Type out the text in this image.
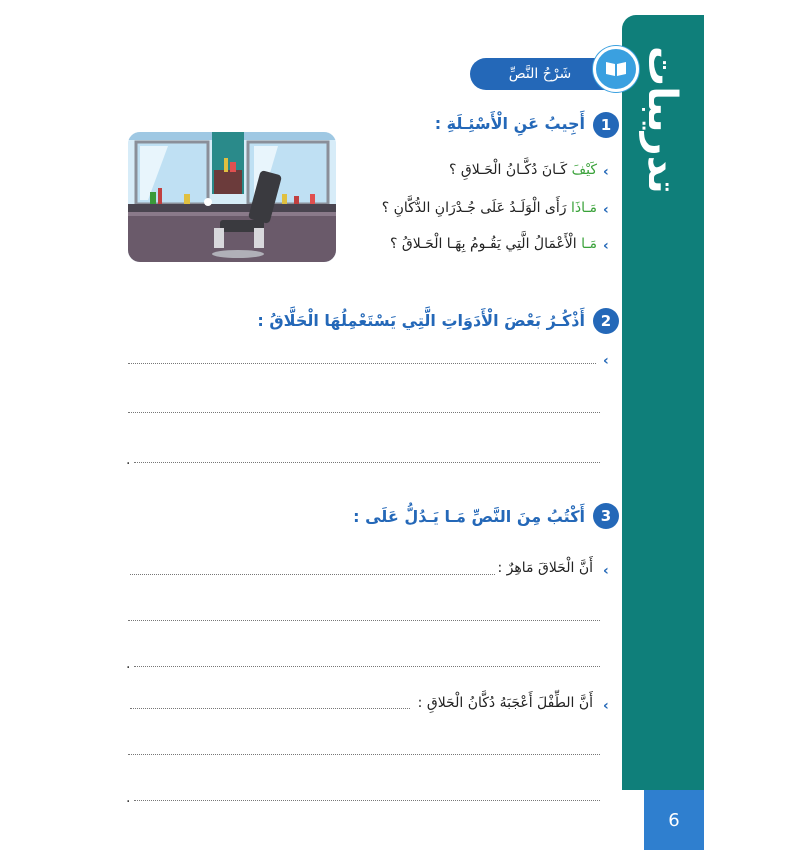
تدريبات
6
شَرْحُ النَّصِّ
1
أَجِيبُ عَنِ الْأَسْئِـلَةِ :
‹
كَيْفَ كَـانَ دُكَّـانُ الْحَـلاقِ ؟
‹
مَـاذَا رَأَى الْوَلَـدُ عَلَى جُـدْرَانِ الدُّكَّانِ ؟
‹
مَـا الْأَعْمَالُ الَّتِي يَقُـومُ بِهَـا الْحَـلاقُ ؟
2
أَذْكُـرُ بَعْضَ الْأَدَوَاتِ الَّتِي يَسْتَعْمِلُهَا الْحَلَّاقُ :
‹
.
3
أَكْتُبُ مِنَ النَّصِّ مَـا يَـدُلُّ عَلَى :
‹
أَنَّ الْحَلاقَ مَاهِرٌ :
.
‹
أَنَّ الطِّفْلَ أَعْجَبَهُ دُكَّانُ الْحَلاقِ :
.
